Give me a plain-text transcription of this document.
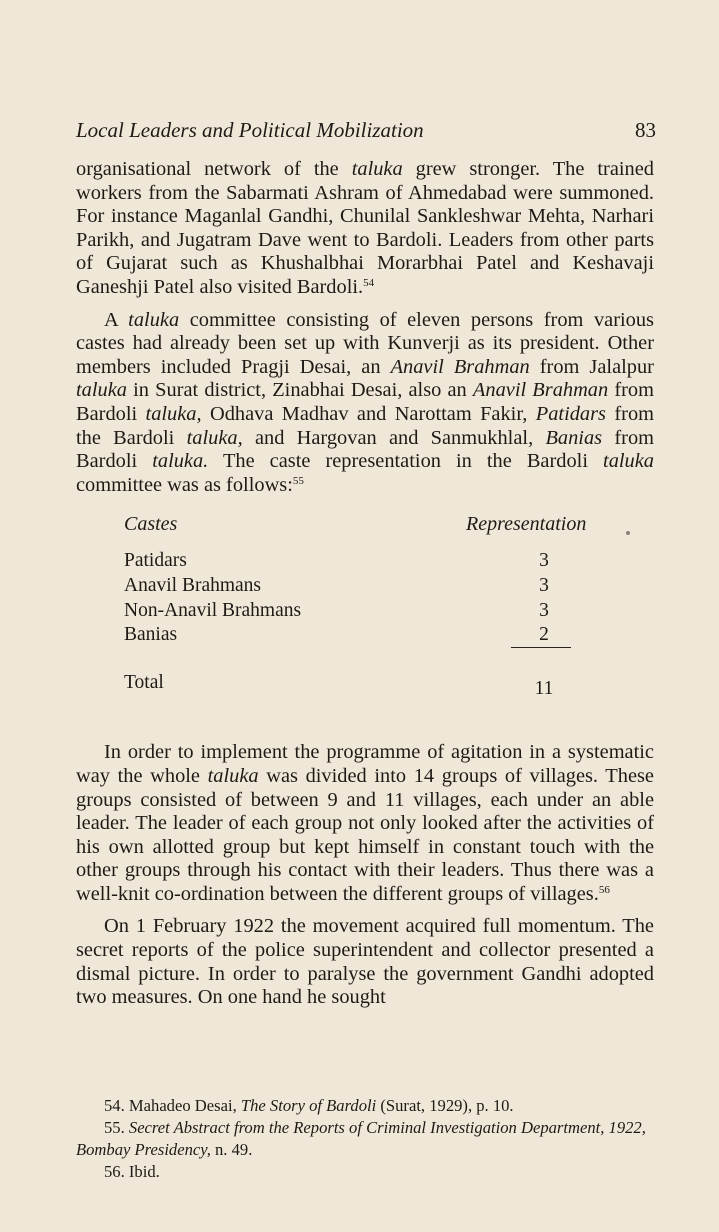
Local Leaders and Political Mobilization	83

organisational network of the taluka grew stronger. The trained workers from the Sabarmati Ashram of Ahmedabad were summoned. For instance Maganlal Gandhi, Chunilal Sankleshwar Mehta, Narhari Parikh, and Jugatram Dave went to Bardoli. Leaders from other parts of Gujarat such as Khushalbhai Morarbhai Patel and Keshavaji Ganeshji Patel also visited Bardoli.$^{54}$

A taluka committee consisting of eleven persons from various castes had already been set up with Kunverji as its president. Other members included Pragji Desai, an Anavil Brahman from Jalalpur taluka in Surat district, Zinabhai Desai, also an Anavil Brahman from Bardoli taluka, Odhava Madhav and Narottam Fakir, Patidars from the Bardoli taluka, and Hargovan and Sanmukhlal, Banias from Bardoli taluka. The caste representation in the Bardoli taluka committee was as follows:$^{55}$

Castes	Representation
Patidars	3
Anavil Brahmans	3
Non-Anavil Brahmans	3
Banias	2
Total	11

In order to implement the programme of agitation in a systematic way the whole taluka was divided into 14 groups of villages. These groups consisted of between 9 and 11 villages, each under an able leader. The leader of each group not only looked after the activities of his own allotted group but kept himself in constant touch with the other groups through his contact with their leaders. Thus there was a well-knit co-ordination between the different groups of villages.$^{56}$

On 1 February 1922 the movement acquired full momentum. The secret reports of the police superintendent and collector presented a dismal picture. In order to paralyse the government Gandhi adopted two measures. On one hand he sought

54. Mahadeo Desai, The Story of Bardoli (Surat, 1929), p. 10.

55. Secret Abstract from the Reports of Criminal Investigation Department, 1922, Bombay Presidency, n. 49.

56. Ibid.
